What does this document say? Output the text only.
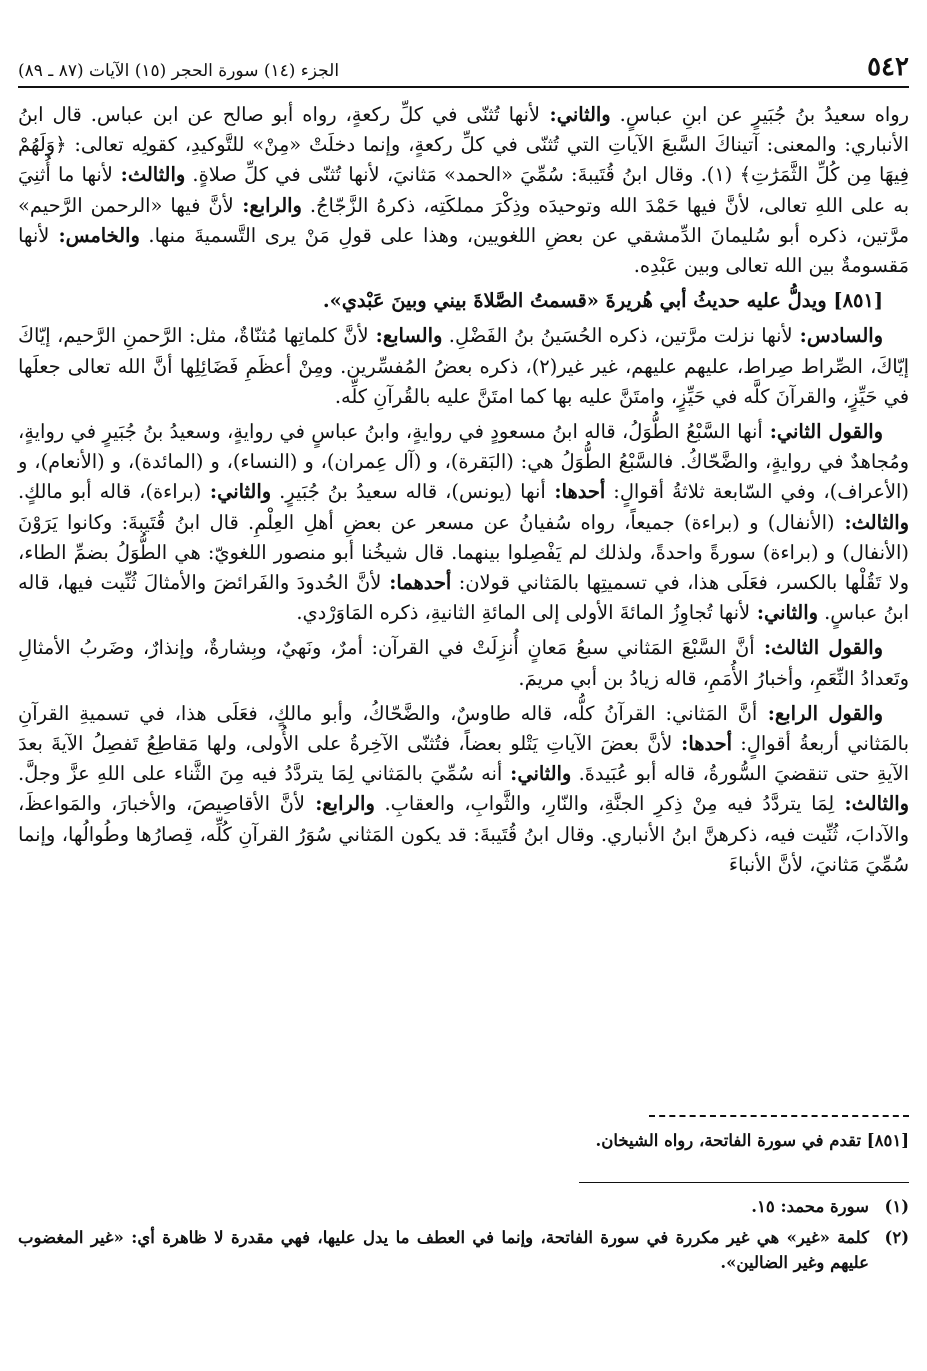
٥٤٢
الجزء (١٤) سورة الحجر (١٥) الآيات (٨٧ ـ ٨٩)

رواه سعيدُ بنُ جُبَيرٍ عن ابنِ عباسٍ. والثاني: لأنها تُثنّى في كلِّ ركعةٍ، رواه أبو صالح عن ابن عباس. قال ابنُ الأنباري: والمعنى: آتيناكَ السَّبعَ الآياتِ التي تُثنّى في كلِّ ركعةٍ، وإنما دخلَتْ «مِنْ» للتَّوكيدِ، كقولِه تعالى: ﴿وَلَهُمْ فِيهَا مِن كُلِّ الثَّمَرَٰتِ﴾ (١). وقال ابنُ قُتَيبةَ: سُمِّيَ «الحمد» مَثانيَ، لأنها تُثنّى في كلِّ صلاةٍ. والثالث: لأنها ما أُثنِيَ به على اللهِ تعالى، لأنَّ فيها حَمْدَ الله وتوحيدَه وذِكْرَ مملكَتِه، ذكرهُ الزَّجّاجُ. والرابع: لأنَّ فيها «الرحمن الرَّحيم» مرَّتين، ذكره أبو سُليمانَ الدِّمشقي عن بعضِ اللغويين، وهذا على قولِ مَنْ يرى التَّسميةَ منها. والخامس: لأنها مَقسومةٌ بين الله تعالى وبين عَبْدِه.

[٨٥١] ويدلُّ عليه حديثُ أبي هُريرةَ «قسمتُ الصَّلاةَ بيني وبينَ عَبْدي».

والسادس: لأنها نزلت مرَّتين، ذكره الحُسَينُ بنُ الفَضْلِ. والسابع: لأنَّ كلماتِها مُثنّاةٌ، مثل: الرَّحمنِ الرَّحيم، إيّاكَ إيّاكَ، الصِّراط صِراط، عليهم عليهم، غير غير(٢)، ذكره بعضُ المُفسِّرين. ومِنْ أعظَمِ فَضَائِلِها أنَّ الله تعالى جعلَها في حَيِّزٍ، والقرآنَ كلَّه في حَيِّزٍ، وامتَنَّ عليه بها كما امتَنَّ عليه بالقُرآنِ كلِّه.

والقول الثاني: أنها السَّبْعُ الطُّوَلُ، قاله ابنُ مسعودٍ في روايةٍ، وابنُ عباسٍ في روايةٍ، وسعيدُ بنُ جُبَيرٍ في روايةٍ، ومُجاهدٌ في روايةٍ، والضَّحّاكُ. فالسَّبْعُ الطُّوَلُ هي: (البَقرة)، و (آل عِمران)، و (النساء)، و (المائدة)، و (الأنعام)، و (الأعراف)، وفي السّابعة ثلاثةُ أقوالٍ: أحدها: أنها (يونس)، قاله سعيدُ بنُ جُبَيرٍ. والثاني: (براءة)، قاله أبو مالكٍ. والثالث: (الأنفال) و (براءة) جميعاً، رواه سُفيانُ عن مسعر عن بعضِ أهلِ العِلْمِ. قال ابنُ قُتَيبةَ: وكانوا يَرَوْنَ (الأنفال) و (براءة) سورةً واحدةً، ولذلك لم يَفْصِلوا بينهما. قال شيخُنا أبو منصور اللغويّ: هي الطُّوَلُ بضمِّ الطاء، ولا تَقُلْها بالكسر، فعَلَى هذا، في تسميتِها بالمَثاني قولان: أحدهما: لأنَّ الحُدودَ والفَرائضَ والأمثالَ ثُنِّيت فيها، قاله ابنُ عباسٍ. والثاني: لأنها تُجاوِزُ المائةَ الأولى إلى المائةِ الثانيةِ، ذكره المَاوَرْدي.

والقول الثالث: أنَّ السَّبْعَ المَثاني سبعُ مَعانٍ أُنزِلَتْ في القرآن: أمرٌ، ونَهيٌ، وبِشارةٌ، وإنذارٌ، وضَربُ الأمثالِ وتَعدادُ النِّعَمِ، وأخبارُ الأُمَمِ، قاله زيادُ بن أبي مريمَ.

والقول الرابع: أنَّ المَثاني: القرآنُ كلُّه، قاله طاوسٌ، والضَّحّاكُ، وأبو مالكٍ، فعَلَى هذا، في تسميةِ القرآنِ بالمَثاني أربعةُ أقوالٍ: أحدها: لأنَّ بعضَ الآياتِ يَتْلو بعضاً، فتُثنّى الآخِرةُ على الأُولى، ولها مَقاطِعُ تَفصِلُ الآيةَ بعدَ الآيةِ حتى تنقضيَ السُّورةُ، قاله أبو عُبَيدةَ. والثاني: أنه سُمِّيَ بالمَثاني لِمَا يتردَّدُ فيه مِنَ الثَّناء على اللهِ عزَّ وجلَّ. والثالث: لِمَا يتردَّدُ فيه مِنْ ذِكرِ الجنَّةِ، والنّارِ، والثَّوابِ، والعقابِ. والرابع: لأنَّ الأقاصِيصَ، والأخبارَ، والمَواعظَ، والآدابَ، ثُنِّيت فيه، ذكرهنَّ ابنُ الأنباري. وقال ابنُ قُتَيبةَ: قد يكون المَثاني سُوَرُ القرآنِ كُلِّه، قِصارُها وطُوالُها، وإنما سُمِّيَ مَثانيَ، لأنَّ الأنباءَ

[٨٥١] تقدم في سورة الفاتحة، رواه الشيخان.
(١)
سورة محمد: ١٥.
(٢)
كلمة «غير» هي غير مكررة في سورة الفاتحة، وإنما في العطف ما يدل عليها، فهي مقدرة لا ظاهرة أي: «غير المغضوب عليهم وغير الضالين».
